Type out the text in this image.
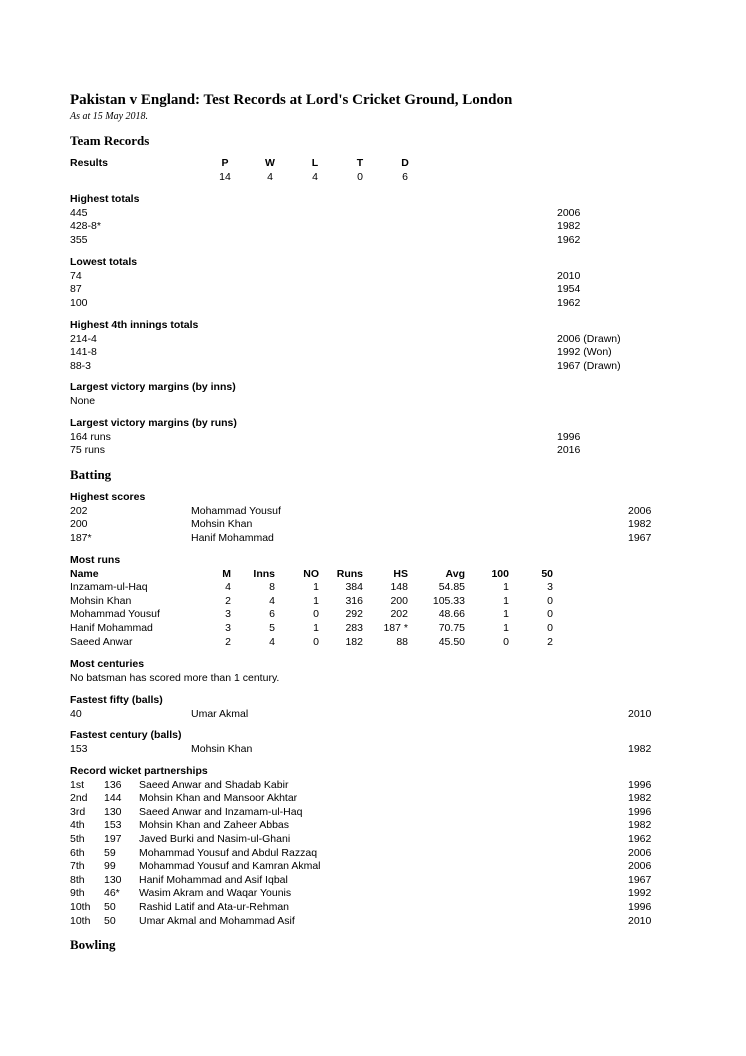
Pakistan v England: Test Records at Lord's Cricket Ground, London
As at 15 May 2018.
Team Records
Results	P	W	L	T	D
14	4	4	0	6
Highest totals
445	2006
428-8*	1982
355	1962
Lowest totals
74	2010
87	1954
100	1962
Highest 4th innings totals
214-4	2006 (Drawn)
141-8	1992 (Won)
88-3	1967 (Drawn)
Largest victory margins (by inns)
None
Largest victory margins (by runs)
164 runs	1996
75 runs	2016
Batting
Highest scores
202	Mohammad Yousuf	2006
200	Mohsin Khan	1982
187*	Hanif Mohammad	1967
Most runs
Name	M	Inns	NO	Runs	HS	Avg	100	50
Inzamam-ul-Haq	4	8	1	384	148	54.85	1	3
Mohsin Khan	2	4	1	316	200	105.33	1	0
Mohammad Yousuf	3	6	0	292	202	48.66	1	0
Hanif Mohammad	3	5	1	283	187 *	70.75	1	0
Saeed Anwar	2	4	0	182	88	45.50	0	2
Most centuries
No batsman has scored more than 1 century.
Fastest fifty (balls)
40	Umar Akmal	2010
Fastest century (balls)
153	Mohsin Khan	1982
Record wicket partnerships
1st 136 Saeed Anwar and Shadab Kabir	1996
2nd 144 Mohsin Khan and Mansoor Akhtar	1982
3rd 130 Saeed Anwar and Inzamam-ul-Haq	1996
4th 153 Mohsin Khan and Zaheer Abbas	1982
5th 197 Javed Burki and Nasim-ul-Ghani	1962
6th 59 Mohammad Yousuf and Abdul Razzaq	2006
7th 99 Mohammad Yousuf and Kamran Akmal	2006
8th 130 Hanif Mohammad and Asif Iqbal	1967
9th 46* Wasim Akram and Waqar Younis	1992
10th 50 Rashid Latif and Ata-ur-Rehman	1996
10th 50 Umar Akmal and Mohammad Asif	2010
Bowling
